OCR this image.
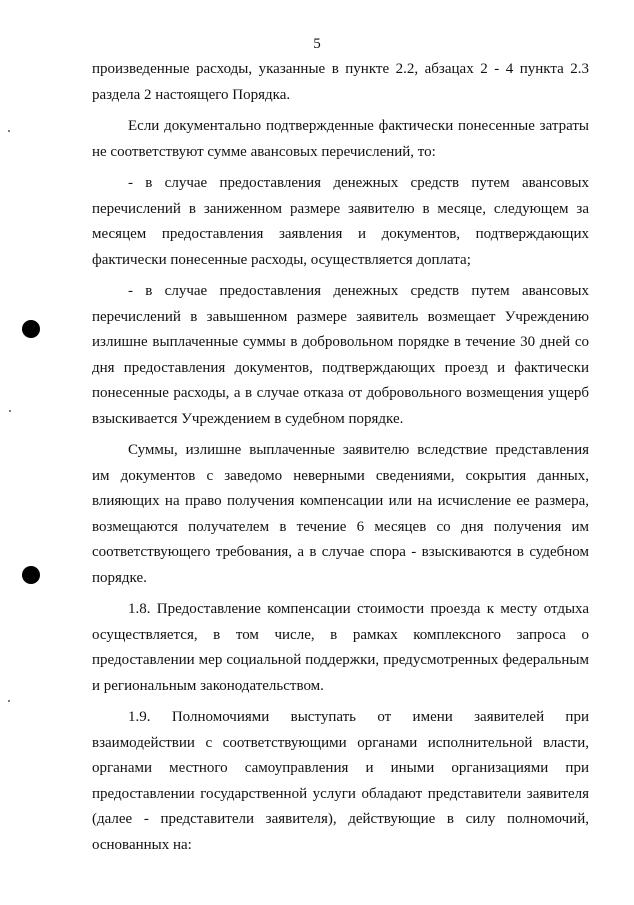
5

произведенные расходы, указанные в пункте 2.2, абзацах 2 - 4 пункта 2.3 раздела 2 настоящего Порядка.

Если документально подтвержденные фактически понесенные затраты не соответствуют сумме авансовых перечислений, то:

- в случае предоставления денежных средств путем авансовых перечислений в заниженном размере заявителю в месяце, следующем за месяцем предоставления заявления и документов, подтверждающих фактически понесенные расходы, осуществляется доплата;

- в случае предоставления денежных средств путем авансовых перечислений в завышенном размере заявитель возмещает Учреждению излишне выплаченные суммы в добровольном порядке в течение 30 дней со дня предоставления документов, подтверждающих проезд и фактически понесенные расходы, а в случае отказа от добровольного возмещения ущерб взыскивается Учреждением в судебном порядке.

Суммы, излишне выплаченные заявителю вследствие представления им документов с заведомо неверными сведениями, сокрытия данных, влияющих на право получения компенсации или на исчисление ее размера, возмещаются получателем в течение 6 месяцев со дня получения им соответствующего требования, а в случае спора - взыскиваются в судебном порядке.

1.8. Предоставление компенсации стоимости проезда к месту отдыха осуществляется, в том числе, в рамках комплексного запроса о предоставлении мер социальной поддержки, предусмотренных федеральным и региональным законодательством.

1.9. Полномочиями выступать от имени заявителей при взаимодействии с соответствующими органами исполнительной власти, органами местного самоуправления и иными организациями при предоставлении государственной услуги обладают представители заявителя (далее - представители заявителя), действующие в силу полномочий, основанных на:
